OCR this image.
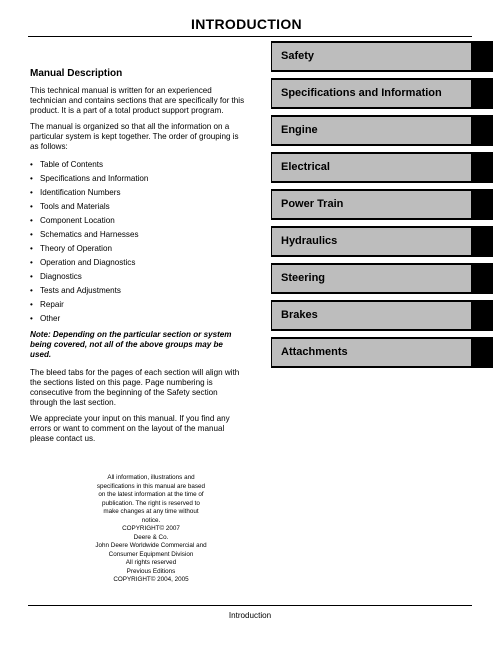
INTRODUCTION
Manual Description

This technical manual is written for an experienced technician and contains sections that are specifically for this product. It is a part of a total product support program.

The manual is organized so that all the information on a particular system is kept together. The order of grouping is as follows:

• Table of Contents
• Specifications and Information
• Identification Numbers
• Tools and Materials
• Component Location
• Schematics and Harnesses
• Theory of Operation
• Operation and Diagnostics
• Diagnostics
• Tests and Adjustments
• Repair
• Other

Note: Depending on the particular section or system being covered, not all of the above groups may be used.

The bleed tabs for the pages of each section will align with the sections listed on this page. Page numbering is consecutive from the beginning of the Safety section through the last section.

We appreciate your input on this manual. If you find any errors or want to comment on the layout of the manual please contact us.

Safety
Specifications and Information
Engine
Electrical
Power Train
Hydraulics
Steering
Brakes
Attachments
All information, illustrations and
specifications in this manual are based
on the latest information at the time of
publication. The right is reserved to
make changes at any time without
notice.
COPYRIGHT© 2007
Deere & Co.
John Deere Worldwide Commercial and
Consumer Equipment Division
All rights reserved
Previous Editions
COPYRIGHT© 2004, 2005
Introduction
